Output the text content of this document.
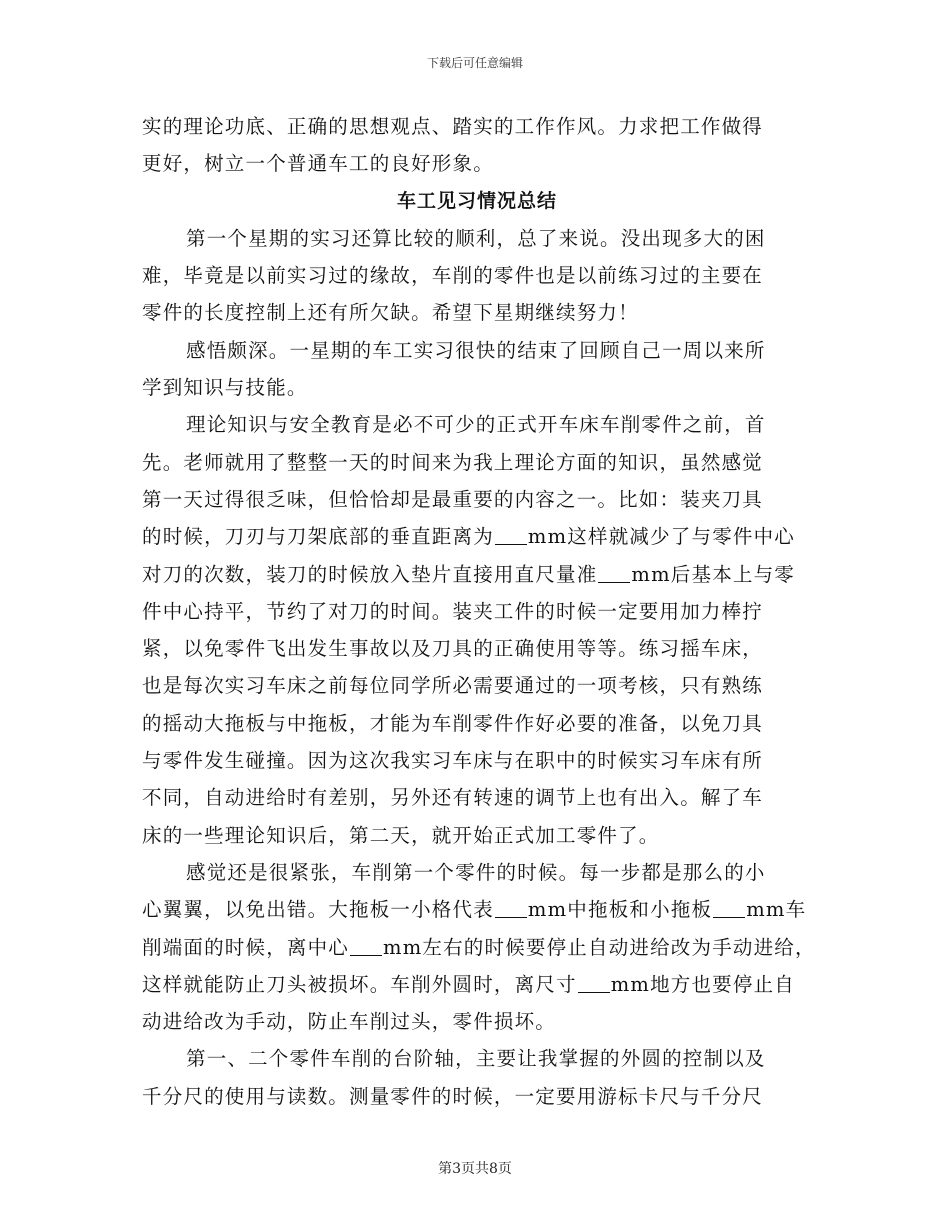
下载后可任意编辑
实的理论功底、正确的思想观点、踏实的工作作风。力求把工作做得
更好，树立一个普通车工的良好形象。
车工见习情况总结
第一个星期的实习还算比较的顺利，总了来说。没出现多大的困
难，毕竟是以前实习过的缘故，车削的零件也是以前练习过的主要在
零件的长度控制上还有所欠缺。希望下星期继续努力！
感悟颇深。一星期的车工实习很快的结束了回顾自己一周以来所
学到知识与技能。
理论知识与安全教育是必不可少的正式开车床车削零件之前，首
先。老师就用了整整一天的时间来为我上理论方面的知识，虽然感觉
第一天过得很乏味，但恰恰却是最重要的内容之一。比如：装夹刀具
的时候，刀刃与刀架底部的垂直距离为 mm这样就减少了与零件中心
对刀的次数，装刀的时候放入垫片直接用直尺量准 mm后基本上与零
件中心持平，节约了对刀的时间。装夹工件的时候一定要用加力棒拧
紧，以免零件飞出发生事故以及刀具的正确使用等等。练习摇车床，
也是每次实习车床之前每位同学所必需要通过的一项考核，只有熟练
的摇动大拖板与中拖板，才能为车削零件作好必要的准备，以免刀具
与零件发生碰撞。因为这次我实习车床与在职中的时候实习车床有所
不同，自动进给时有差别，另外还有转速的调节上也有出入。解了车
床的一些理论知识后，第二天，就开始正式加工零件了。
感觉还是很紧张，车削第一个零件的时候。每一步都是那么的小
心翼翼，以免出错。大拖板一小格代表 mm中拖板和小拖板 mm车
削端面的时候，离中心 mm左右的时候要停止自动进给改为手动进给，
这样就能防止刀头被损坏。车削外圆时，离尺寸 mm地方也要停止自
动进给改为手动，防止车削过头，零件损坏。
第一、二个零件车削的台阶轴，主要让我掌握的外圆的控制以及
千分尺的使用与读数。测量零件的时候，一定要用游标卡尺与千分尺
第3页共8页
